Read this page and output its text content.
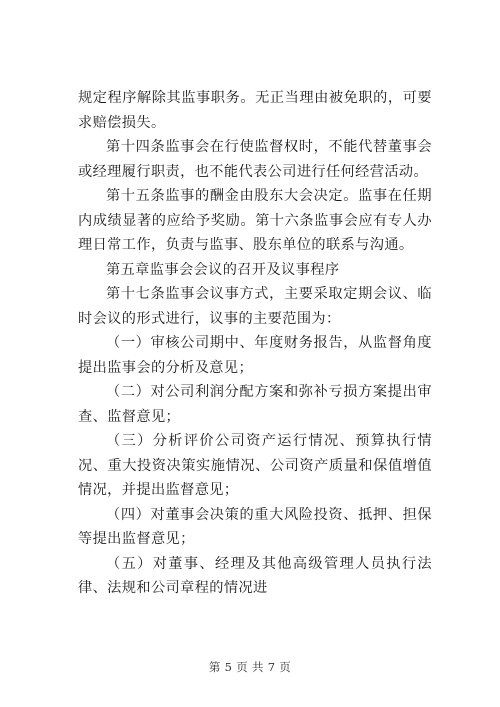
规定程序解除其监事职务。无正当理由被免职的，可要求赔偿损失。

第十四条监事会在行使监督权时，不能代替董事会或经理履行职责，也不能代表公司进行任何经营活动。

第十五条监事的酬金由股东大会决定。监事在任期内成绩显著的应给予奖励。第十六条监事会应有专人办理日常工作，负责与监事、股东单位的联系与沟通。

第五章监事会会议的召开及议事程序

第十七条监事会议事方式，主要采取定期会议、临时会议的形式进行，议事的主要范围为：

（一）审核公司期中、年度财务报告，从监督角度提出监事会的分析及意见；

（二）对公司利润分配方案和弥补亏损方案提出审查、监督意见；

（三）分析评价公司资产运行情况、预算执行情况、重大投资决策实施情况、公司资产质量和保值增值情况，并提出监督意见；

（四）对董事会决策的重大风险投资、抵押、担保等提出监督意见；

（五）对董事、经理及其他高级管理人员执行法律、法规和公司章程的情况进

第 5 页 共 7 页
